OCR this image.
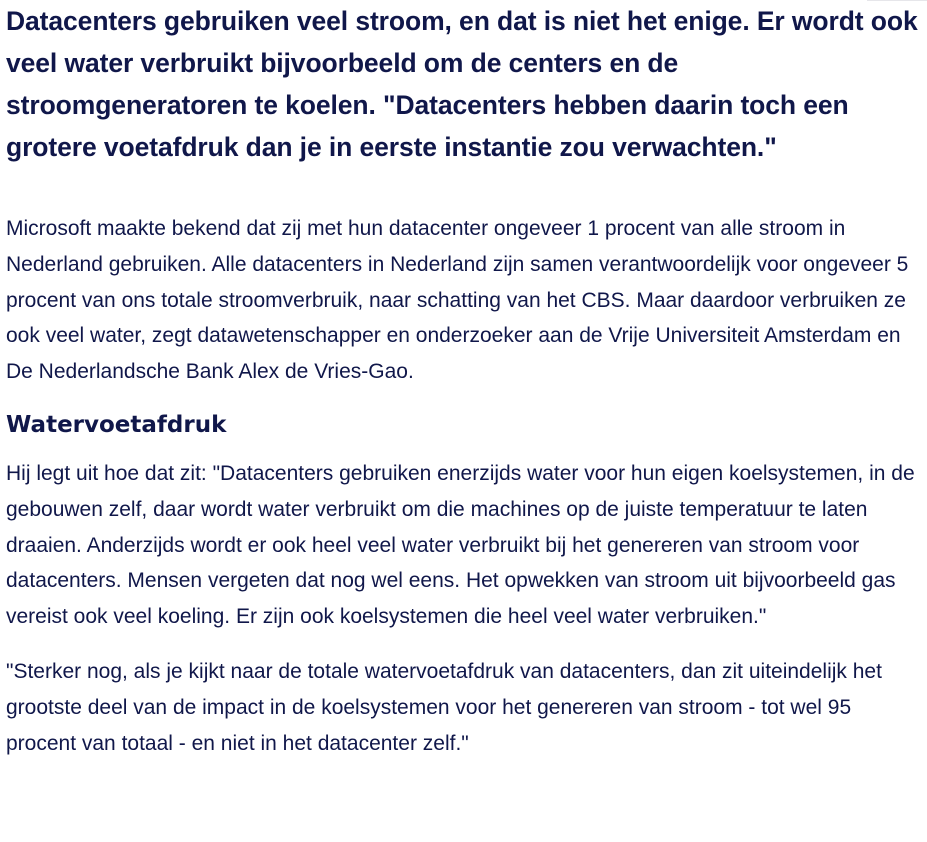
Datacenters gebruiken veel stroom, en dat is niet het enige. Er wordt ook veel water verbruikt bijvoorbeeld om de centers en de stroomgeneratoren te koelen. "Datacenters hebben daarin toch een grotere voetafdruk dan je in eerste instantie zou verwachten."

Microsoft maakte bekend dat zij met hun datacenter ongeveer 1 procent van alle stroom in Nederland gebruiken. Alle datacenters in Nederland zijn samen verantwoordelijk voor ongeveer 5 procent van ons totale stroomverbruik, naar schatting van het CBS. Maar daardoor verbruiken ze ook veel water, zegt datawetenschapper en onderzoeker aan de Vrije Universiteit Amsterdam en De Nederlandsche Bank Alex de Vries-Gao.

Watervoetafdruk

Hij legt uit hoe dat zit: "Datacenters gebruiken enerzijds water voor hun eigen koelsystemen, in de gebouwen zelf, daar wordt water verbruikt om die machines op de juiste temperatuur te laten draaien. Anderzijds wordt er ook heel veel water verbruikt bij het genereren van stroom voor datacenters. Mensen vergeten dat nog wel eens. Het opwekken van stroom uit bijvoorbeeld gas vereist ook veel koeling. Er zijn ook koelsystemen die heel veel water verbruiken."

"Sterker nog, als je kijkt naar de totale watervoetafdruk van datacenters, dan zit uiteindelijk het grootste deel van de impact in de koelsystemen voor het genereren van stroom - tot wel 95 procent van totaal - en niet in het datacenter zelf."
